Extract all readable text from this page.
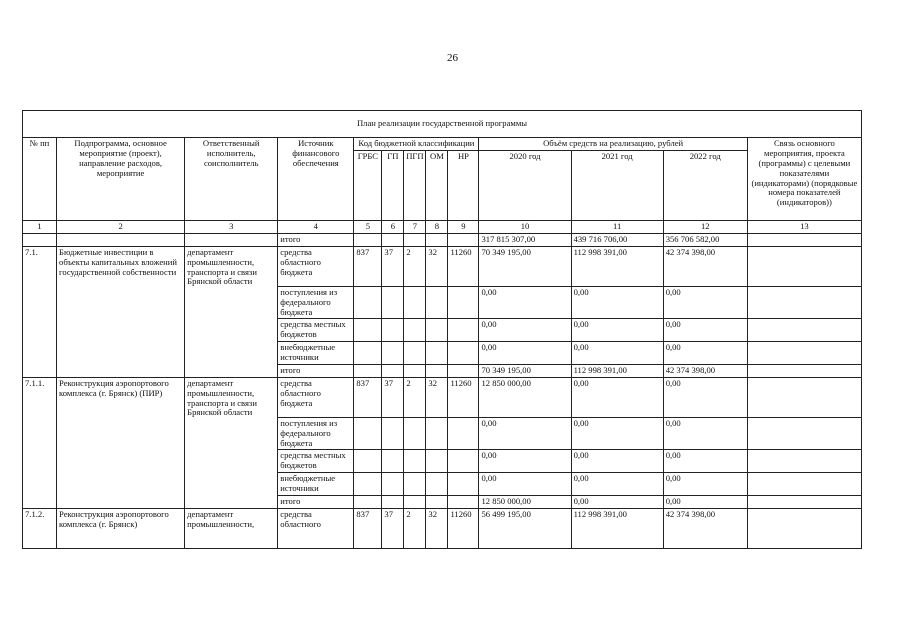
26
План реализации государственной программы												
№ пп	Подпрограмма, основное мероприятие (проект), направление расходов, мероприятие	Ответственный исполнитель, соисполнитель	Источник финансового обеспечения	Код бюджетной классификации					Объём средств на реализацию, рублей			Связь основного мероприятия, проекта (программы) с целевыми показателями (индикаторами) (порядковые номера показателей (индикаторов))
				ГРБС	ГП	ПГП	ОМ	НР	2020 год	2021 год	2022 год	
1	2	3	4	5	6	7	8	9	10	11	12	13
			итого						317 815 307,00	439 716 706,00	356 706 582,00	
7.1.	Бюджетные инвестиции в объекты капитальных вложений государственной собственности	департамент промышленности, транспорта и связи Брянской области	средства областного бюджета	837	37	2	32	11260	70 349 195,00	112 998 391,00	42 374 398,00	
			поступления из федерального бюджета						0,00	0,00	0,00	
			средства местных бюджетов						0,00	0,00	0,00	
			внебюджетные источники						0,00	0,00	0,00	
			итого						70 349 195,00	112 998 391,00	42 374 398,00	
7.1.1.	Реконструкция аэропортового комплекса (г. Брянск) (ПИР)	департамент промышленности, транспорта и связи Брянской области	средства областного бюджета	837	37	2	32	11260	12 850 000,00	0,00	0,00	
			поступления из федерального бюджета						0,00	0,00	0,00	
			средства местных бюджетов						0,00	0,00	0,00	
			внебюджетные источники						0,00	0,00	0,00	
			итого						12 850 000,00	0,00	0,00	
7.1.2.	Реконструкция аэропортового комплекса (г. Брянск)	департамент промышленности,	средства областного	837	37	2	32	11260	56 499 195,00	112 998 391,00	42 374 398,00	
